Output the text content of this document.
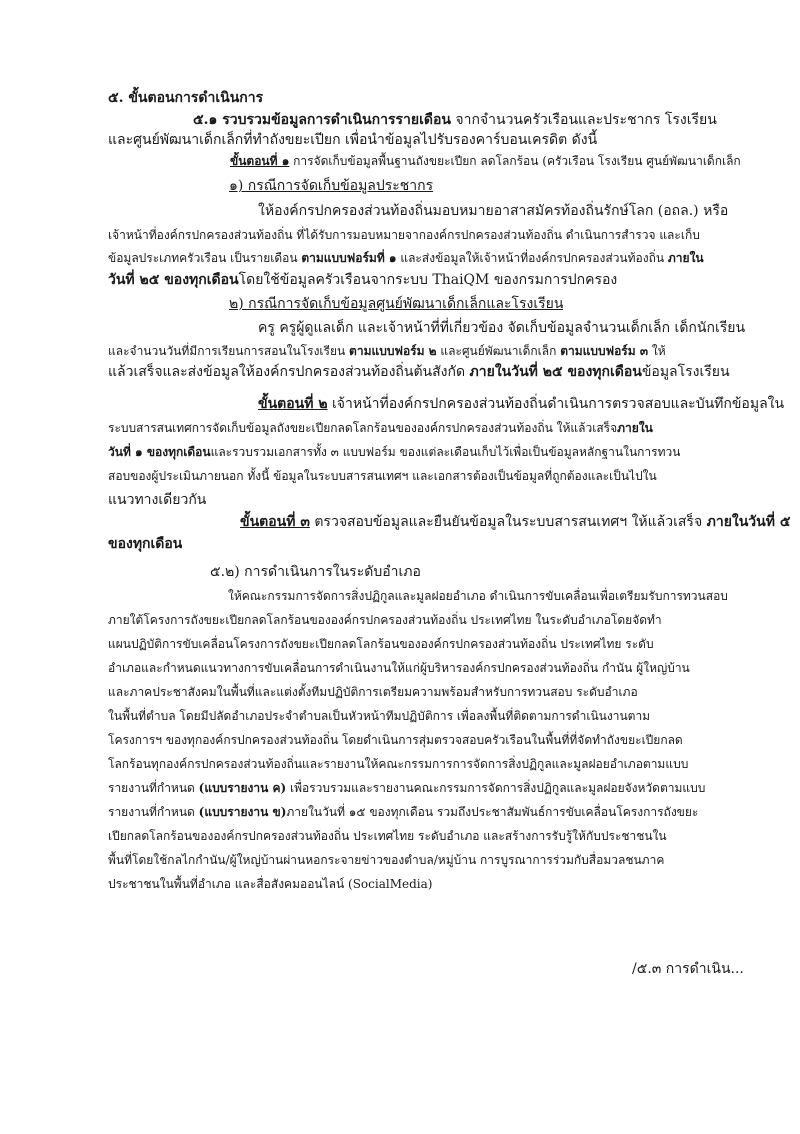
๕. ขั้นตอนการดำเนินการ
๕.๑ รวบรวมข้อมูลการดำเนินการรายเดือน จากจำนวนครัวเรือนและประชากร โรงเรียน
และศูนย์พัฒนาเด็กเล็กที่ทำถังขยะเปียก เพื่อนำข้อมูลไปรับรองคาร์บอนเครดิต ดังนี้
ขั้นตอนที่ ๑ การจัดเก็บข้อมูลพื้นฐานถังขยะเปียก ลดโลกร้อน (ครัวเรือน โรงเรียน ศูนย์พัฒนาเด็กเล็ก
๑) กรณีการจัดเก็บข้อมูลประชากร
ให้องค์กรปกครองส่วนท้องถิ่นมอบหมายอาสาสมัครท้องถิ่นรักษ์โลก (อถล.) หรือ
เจ้าหน้าที่องค์กรปกครองส่วนท้องถิ่น ที่ได้รับการมอบหมายจากองค์กรปกครองส่วนท้องถิ่น ดำเนินการสำรวจ และเก็บ
ข้อมูลประเภทครัวเรือน เป็นรายเดือน ตามแบบฟอร์มที่ ๑ และส่งข้อมูลให้เจ้าหน้าที่องค์กรปกครองส่วนท้องถิ่น ภายใน
วันที่ ๒๕ ของทุกเดือนโดยใช้ข้อมูลครัวเรือนจากระบบ ThaiQM ของกรมการปกครอง
๒) กรณีการจัดเก็บข้อมูลศูนย์พัฒนาเด็กเล็กและโรงเรียน
ครู ครูผู้ดูแลเด็ก และเจ้าหน้าที่ที่เกี่ยวข้อง จัดเก็บข้อมูลจำนวนเด็กเล็ก เด็กนักเรียน
และจำนวนวันที่มีการเรียนการสอนในโรงเรียน ตามแบบฟอร์ม ๒ และศูนย์พัฒนาเด็กเล็ก ตามแบบฟอร์ม ๓ ให้
แล้วเสร็จและส่งข้อมูลให้องค์กรปกครองส่วนท้องถิ่นต้นสังกัด ภายในวันที่ ๒๕ ของทุกเดือนข้อมูลโรงเรียน
ขั้นตอนที่ ๒ เจ้าหน้าที่องค์กรปกครองส่วนท้องถิ่นดำเนินการตรวจสอบและบันทึกข้อมูลใน
ระบบสารสนเทศการจัดเก็บข้อมูลถังขยะเปียกลดโลกร้อนขององค์กรปกครองส่วนท้องถิ่น ให้แล้วเสร็จภายใน
วันที่ ๑ ของทุกเดือนและรวบรวมเอกสารทั้ง ๓ แบบฟอร์ม ของแต่ละเดือนเก็บไว้เพื่อเป็นข้อมูลหลักฐานในการทวน
สอบของผู้ประเมินภายนอก ทั้งนี้ ข้อมูลในระบบสารสนเทศฯ และเอกสารต้องเป็นข้อมูลที่ถูกต้องและเป็นไปใน
แนวทางเดียวกัน
ขั้นตอนที่ ๓ ตรวจสอบข้อมูลและยืนยันข้อมูลในระบบสารสนเทศฯ ให้แล้วเสร็จ ภายในวันที่ ๕
ของทุกเดือน
๕.๒) การดำเนินการในระดับอำเภอ
ให้คณะกรรมการจัดการสิ่งปฏิกูลและมูลฝอยอำเภอ ดำเนินการขับเคลื่อนเพื่อเตรียมรับการทวนสอบ
ภายใต้โครงการถังขยะเปียกลดโลกร้อนขององค์กรปกครองส่วนท้องถิ่น ประเทศไทย ในระดับอำเภอโดยจัดทำ
แผนปฏิบัติการขับเคลื่อนโครงการถังขยะเปียกลดโลกร้อนขององค์กรปกครองส่วนท้องถิ่น ประเทศไทย ระดับ
อำเภอและกำหนดแนวทางการขับเคลื่อนการดำเนินงานให้แก่ผู้บริหารองค์กรปกครองส่วนท้องถิ่น กำนัน ผู้ใหญ่บ้าน
และภาคประชาสังคมในพื้นที่และแต่งตั้งทีมปฏิบัติการเตรียมความพร้อมสำหรับการทวนสอบ ระดับอำเภอ
ในพื้นที่ตำบล โดยมีปลัดอำเภอประจำตำบลเป็นหัวหน้าทีมปฏิบัติการ เพื่อลงพื้นที่ติดตามการดำเนินงานตาม
โครงการฯ ของทุกองค์กรปกครองส่วนท้องถิ่น โดยดำเนินการสุ่มตรวจสอบครัวเรือนในพื้นที่ที่จัดทำถังขยะเปียกลด
โลกร้อนทุกองค์กรปกครองส่วนท้องถิ่นและรายงานให้คณะกรรมการการจัดการสิ่งปฏิกูลและมูลฝอยอำเภอตามแบบ
รายงานที่กำหนด (แบบรายงาน ค) เพื่อรวบรวมและรายงานคณะกรรมการจัดการสิ่งปฏิกูลและมูลฝอยจังหวัดตามแบบ
รายงานที่กำหนด (แบบรายงาน ข)ภายในวันที่ ๑๕ ของทุกเดือน รวมถึงประชาสัมพันธ์การขับเคลื่อนโครงการถังขยะ
เปียกลดโลกร้อนขององค์กรปกครองส่วนท้องถิ่น ประเทศไทย ระดับอำเภอ และสร้างการรับรู้ให้กับประชาชนใน
พื้นที่โดยใช้กลไกกำนัน/ผู้ใหญ่บ้านผ่านหอกระจายข่าวของตำบล/หมู่บ้าน การบูรณาการร่วมกับสื่อมวลชนภาค
ประชาชนในพื้นที่อำเภอ และสื่อสังคมออนไลน์ (SocialMedia)
/๕.๓ การดำเนิน...
